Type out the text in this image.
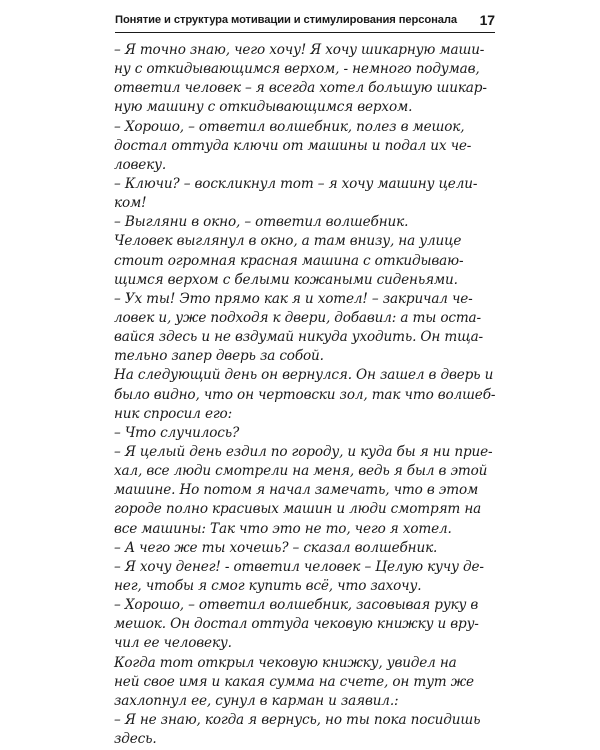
Понятие и структура мотивации и стимулирования персонала 17
– Я точно знаю, чего хочу! Я хочу шикарную маши-
ну с откидывающимся верхом, - немного подумав,
ответил человек – я всегда хотел большую шикар-
ную машину с откидывающимся верхом.
– Хорошо, – ответил волшебник, полез в мешок,
достал оттуда ключи от машины и подал их че-
ловеку.
– Ключи? – воскликнул тот – я хочу машину цели-
ком!
– Выгляни в окно, – ответил волшебник.
Человек выглянул в окно, а там внизу, на улице
стоит огромная красная машина с откидываю-
щимся верхом с белыми кожаными сиденьями.
– Ух ты! Это прямо как я и хотел! – закричал че-
ловек и, уже подходя к двери, добавил: а ты оста-
вайся здесь и не вздумай никуда уходить. Он тща-
тельно запер дверь за собой.
На следующий день он вернулся. Он зашел в дверь и
было видно, что он чертовски зол, так что волшеб-
ник спросил его:
– Что случилось?
– Я целый день ездил по городу, и куда бы я ни прие-
хал, все люди смотрели на меня, ведь я был в этой
машине. Но потом я начал замечать, что в этом
городе полно красивых машин и люди смотрят на
все машины: Так что это не то, чего я хотел.
– А чего же ты хочешь? – сказал волшебник.
– Я хочу денег! - ответил человек – Целую кучу де-
нег, чтобы я смог купить всё, что захочу.
– Хорошо, – ответил волшебник, засовывая руку в
мешок. Он достал оттуда чековую книжку и вру-
чил ее человеку.
Когда тот открыл чековую книжку, увидел на
ней свое имя и какая сумма на счете, он тут же
захлопнул ее, сунул в карман и заявил.:
– Я не знаю, когда я вернусь, но ты пока посидишь
здесь.
